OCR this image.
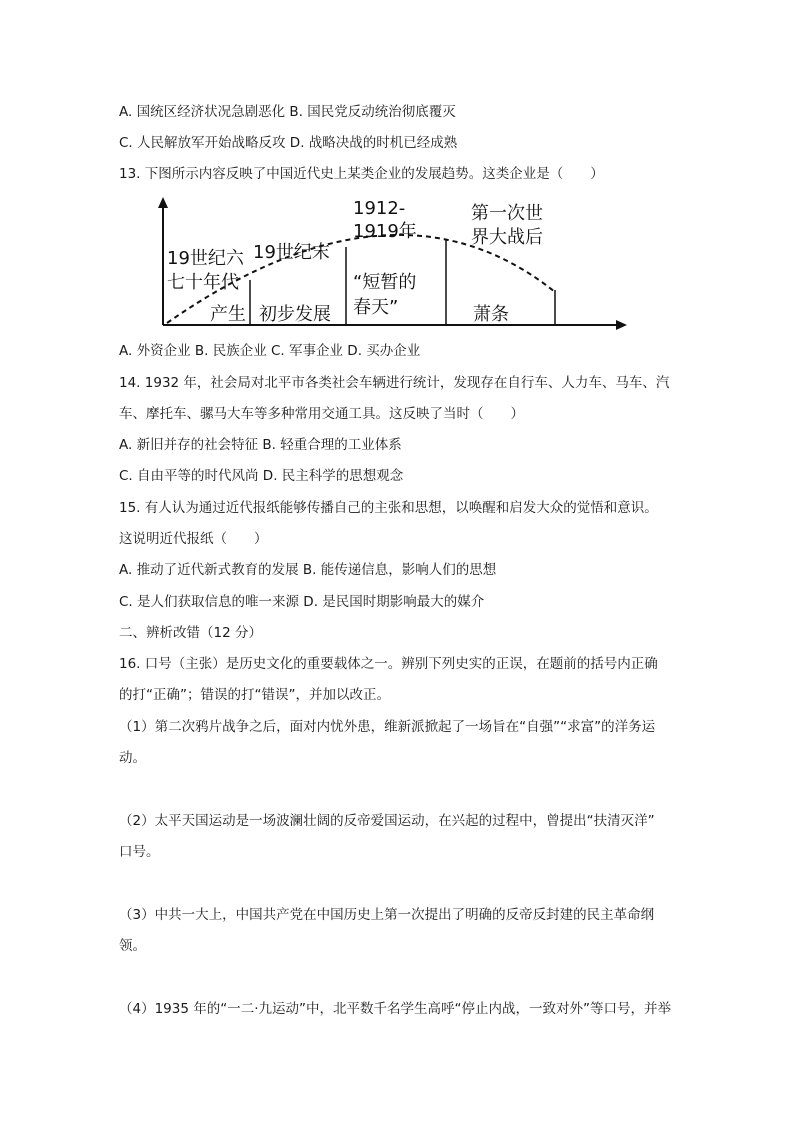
A. 国统区经济状况急剧恶化 B. 国民党反动统治彻底覆灭
C. 人民解放军开始战略反攻 D. 战略决战的时机已经成熟
13. 下图所示内容反映了中国近代史上某类企业的发展趋势。这类企业是（　　）
19世纪六
七十年代
产生
19世纪末
初步发展
1912-
1919年
“短暂的
春天”
第一次世
界大战后
萧条
A. 外资企业 B. 民族企业 C. 军事企业 D. 买办企业
14. 1932 年，社会局对北平市各类社会车辆进行统计，发现存在自行车、人力车、马车、汽
车、摩托车、骡马大车等多种常用交通工具。这反映了当时（　　）
A. 新旧并存的社会特征 B. 轻重合理的工业体系
C. 自由平等的时代风尚 D. 民主科学的思想观念
15. 有人认为通过近代报纸能够传播自己的主张和思想，以唤醒和启发大众的觉悟和意识。
这说明近代报纸（　　）
A. 推动了近代新式教育的发展 B. 能传递信息，影响人们的思想
C. 是人们获取信息的唯一来源 D. 是民国时期影响最大的媒介
二、辨析改错（12 分）
16. 口号（主张）是历史文化的重要载体之一。辨别下列史实的正误，在题前的括号内正确
的打“正确”；错误的打“错误”，并加以改正。
（1）第二次鸦片战争之后，面对内忧外患，维新派掀起了一场旨在“自强”“求富”的洋务运
动。
（2）太平天国运动是一场波澜壮阔的反帝爱国运动，在兴起的过程中，曾提出“扶清灭洋”
口号。
（3）中共一大上，中国共产党在中国历史上第一次提出了明确的反帝反封建的民主革命纲
领。
（4）1935 年的“一二·九运动”中，北平数千名学生高呼“停止内战，一致对外”等口号，并举
